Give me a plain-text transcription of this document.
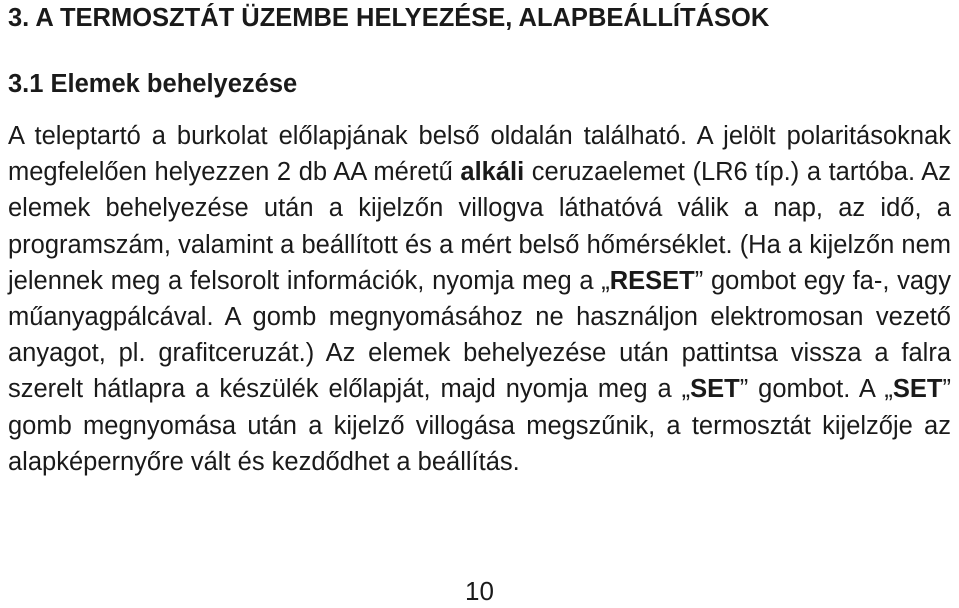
3. A TERMOSZTÁT ÜZEMBE HELYEZÉSE, ALAPBEÁLLÍTÁSOK
3.1 Elemek behelyezése

A teleptartó a burkolat előlapjának belső oldalán található. A jelölt polaritásoknak megfelelően helyezzen 2 db AA méretű alkáli ceruzaelemet (LR6 típ.) a tartóba. Az elemek behelyezése után a kijelzőn villogva láthatóvá válik a nap, az idő, a programszám, valamint a beállított és a mért belső hőmérséklet. (Ha a kijelzőn nem jelennek meg a felsorolt információk, nyomja meg a „RESET” gombot egy fa-, vagy műanyagpálcával. A gomb megnyomásához ne használjon elektromosan vezető anyagot, pl. grafitceruzát.) Az elemek behelyezése után pattintsa vissza a falra szerelt hátlapra a készülék előlapját, majd nyomja meg a „SET” gombot. A „SET” gomb megnyomása után a kijelző villogása megszűnik, a termosztát kijelzője az alapképernyőre vált és kezdődhet a beállítás.

10
